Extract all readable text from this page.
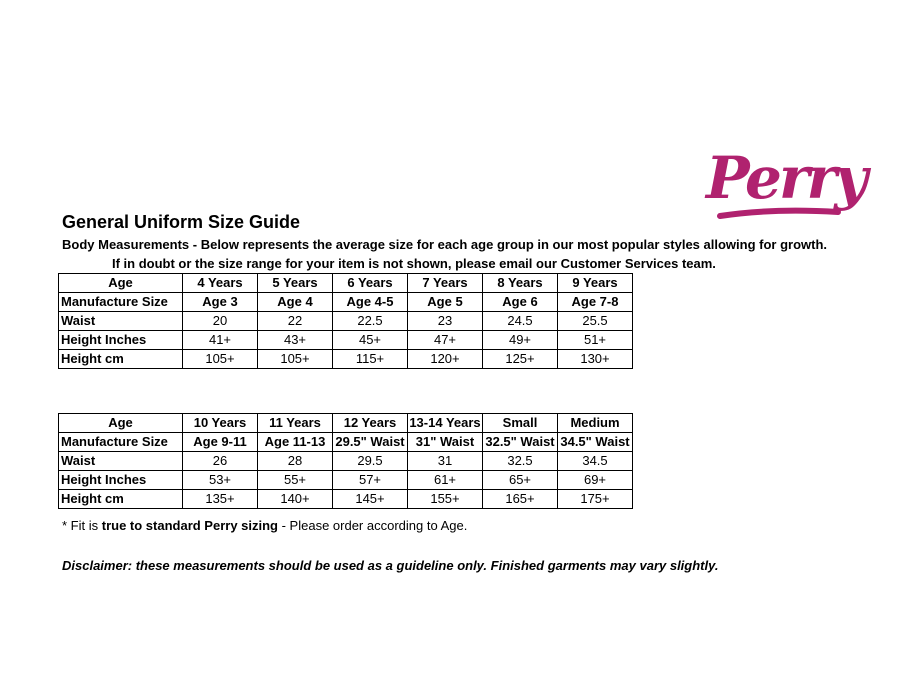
Perry
General Uniform Size Guide
Body Measurements - Below represents the average size for each age group in our most popular styles allowing for growth.
If in doubt or the size range for your item is not shown, please email our Customer Services team.
Age	4 Years	5 Years	6 Years	7 Years	8 Years	9 Years
Manufacture Size	Age 3	Age 4	Age 4-5	Age 5	Age 6	Age 7-8
Waist	20	22	22.5	23	24.5	25.5
Height Inches	41+	43+	45+	47+	49+	51+
Height cm	105+	105+	115+	120+	125+	130+
Age	10 Years	11 Years	12 Years	13-14 Years	Small	Medium
Manufacture Size	Age 9-11	Age 11-13	29.5" Waist	31" Waist	32.5" Waist	34.5" Waist
Waist	26	28	29.5	31	32.5	34.5
Height Inches	53+	55+	57+	61+	65+	69+
Height cm	135+	140+	145+	155+	165+	175+
* Fit is true to standard Perry sizing - Please order according to Age.
Disclaimer: these measurements should be used as a guideline only. Finished garments may vary slightly.
